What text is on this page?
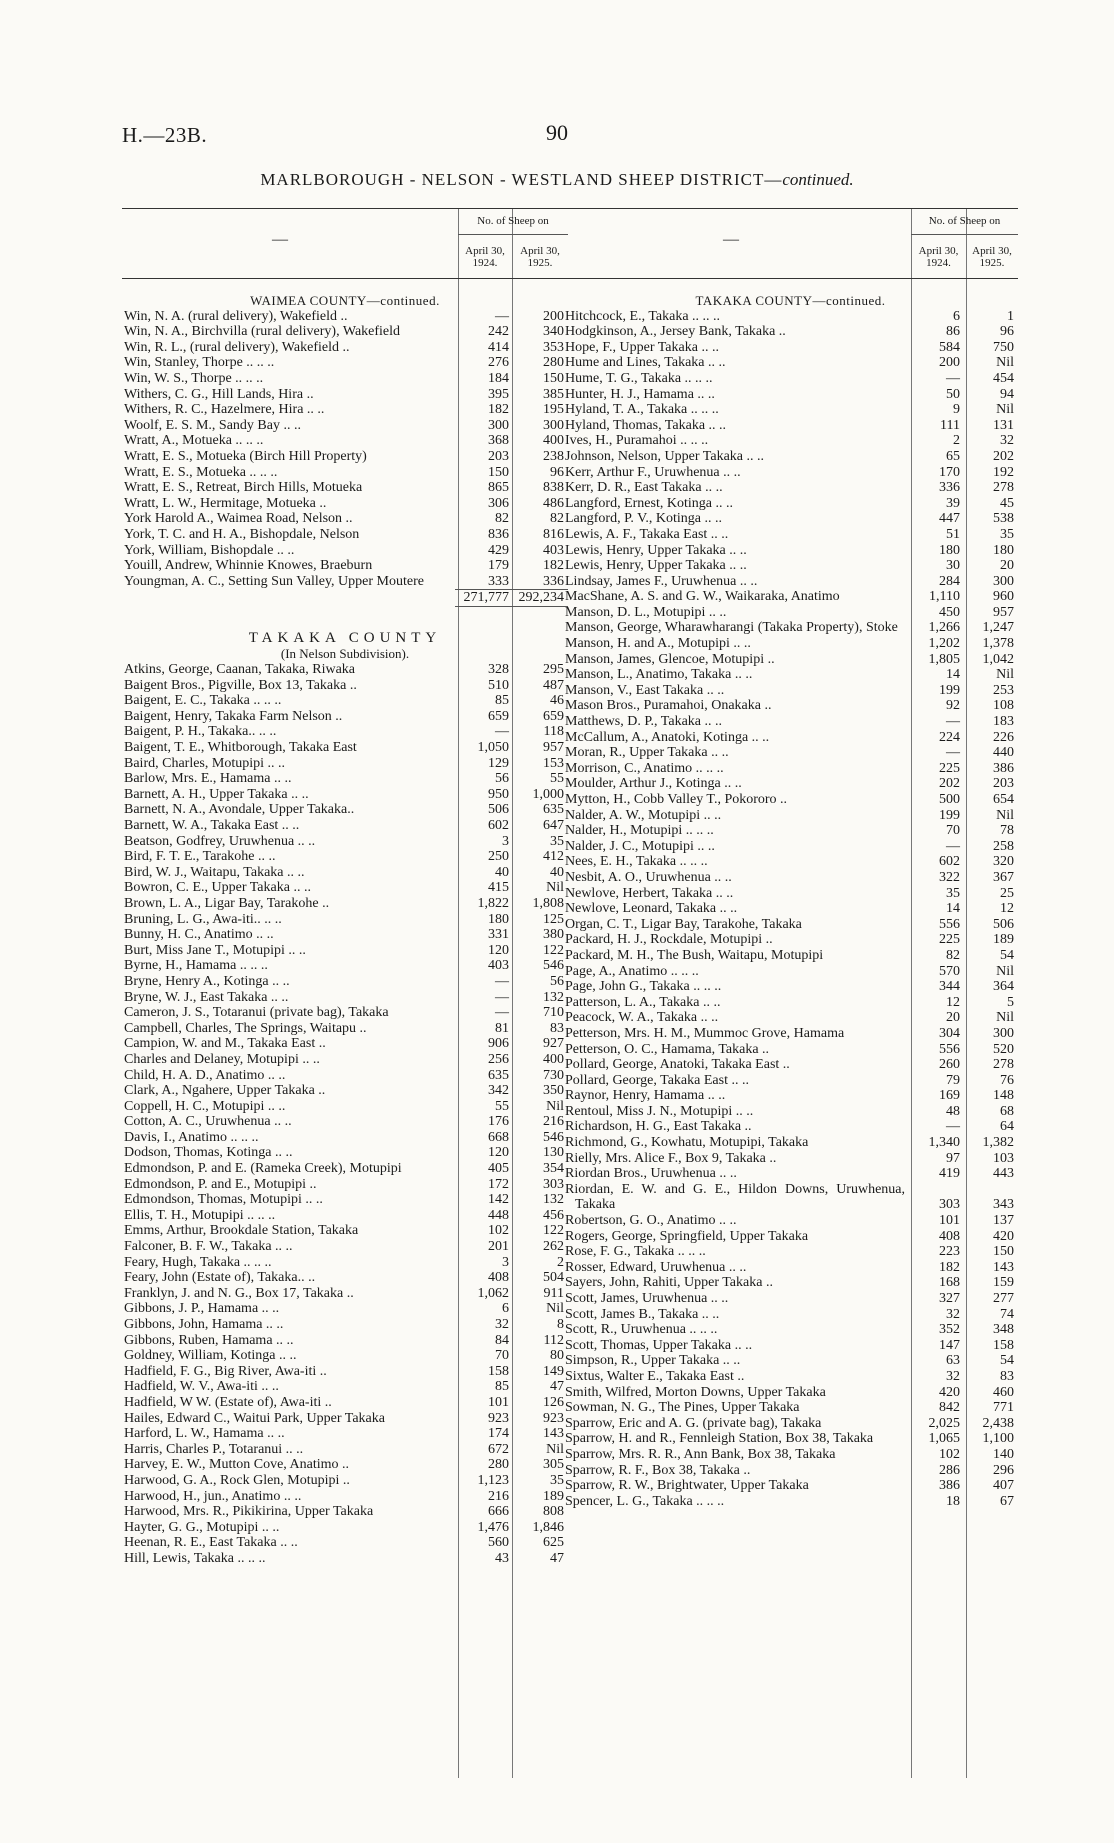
H.—23B.	90
MARLBOROUGH - NELSON - WESTLAND SHEEP DISTRICT—continued.
—
No. of Sheep on
April 30,
1924.
April 30,
1925.
WAIMEA COUNTY—continued.
Win, N. A. (rural delivery), Wakefield ..	—	200
Win, N. A., Birchvilla (rural delivery), Wakefield	242	340
Win, R. L., (rural delivery), Wakefield ..	414	353
Win, Stanley, Thorpe .. .. ..	276	280
Win, W. S., Thorpe .. .. ..	184	150
Withers, C. G., Hill Lands, Hira ..	395	385
Withers, R. C., Hazelmere, Hira .. ..	182	195
Woolf, E. S. M., Sandy Bay .. ..	300	300
Wratt, A., Motueka .. .. ..	368	400
Wratt, E. S., Motueka (Birch Hill Property)	203	238
Wratt, E. S., Motueka .. .. ..	150	96
Wratt, E. S., Retreat, Birch Hills, Motueka	865	838
Wratt, L. W., Hermitage, Motueka ..	306	486
York Harold A., Waimea Road, Nelson ..	82	82
York, T. C. and H. A., Bishopdale, Nelson	836	816
York, William, Bishopdale .. ..	429	403
Youill, Andrew, Whinnie Knowes, Braeburn	179	182
Youngman, A. C., Setting Sun Valley, Upper Moutere	333	336
271,777 292,234
TAKAKA COUNTY
(In Nelson Subdivision).
Atkins, George, Caanan, Takaka, Riwaka	328	295
Baigent Bros., Pigville, Box 13, Takaka ..	510	487
Baigent, E. C., Takaka .. .. ..	85	46
Baigent, Henry, Takaka Farm Nelson ..	659	659
Baigent, P. H., Takaka.. .. ..	—	118
Baigent, T. E., Whitborough, Takaka East	1,050	957
Baird, Charles, Motupipi .. ..	129	153
Barlow, Mrs. E., Hamama .. ..	56	55
Barnett, A. H., Upper Takaka .. ..	950	1,000
Barnett, N. A., Avondale, Upper Takaka..	506	635
Barnett, W. A., Takaka East .. ..	602	647
Beatson, Godfrey, Uruwhenua .. ..	3	35
Bird, F. T. E., Tarakohe .. ..	250	412
Bird, W. J., Waitapu, Takaka .. ..	40	40
Bowron, C. E., Upper Takaka .. ..	415	Nil
Brown, L. A., Ligar Bay, Tarakohe ..	1,822	1,808
Bruning, L. G., Awa-iti.. .. ..	180	125
Bunny, H. C., Anatimo .. ..	331	380
Burt, Miss Jane T., Motupipi .. ..	120	122
Byrne, H., Hamama .. .. ..	403	546
Bryne, Henry A., Kotinga .. ..	—	56
Bryne, W. J., East Takaka .. ..	—	132
Cameron, J. S., Totaranui (private bag), Takaka	—	710
Campbell, Charles, The Springs, Waitapu ..	81	83
Campion, W. and M., Takaka East ..	906	927
Charles and Delaney, Motupipi .. ..	256	400
Child, H. A. D., Anatimo .. ..	635	730
Clark, A., Ngahere, Upper Takaka ..	342	350
Coppell, H. C., Motupipi .. ..	55	Nil
Cotton, A. C., Uruwhenua .. ..	176	216
Davis, I., Anatimo .. .. ..	668	546
Dodson, Thomas, Kotinga .. ..	120	130
Edmondson, P. and E. (Rameka Creek), Motupipi	405	354
Edmondson, P. and E., Motupipi ..	172	303
Edmondson, Thomas, Motupipi .. ..	142	132
Ellis, T. H., Motupipi .. .. ..	448	456
Emms, Arthur, Brookdale Station, Takaka	102	122
Falconer, B. F. W., Takaka .. ..	201	262
Feary, Hugh, Takaka .. .. ..	3	2
Feary, John (Estate of), Takaka.. ..	408	504
Franklyn, J. and N. G., Box 17, Takaka ..	1,062	911
Gibbons, J. P., Hamama .. ..	6	Nil
Gibbons, John, Hamama .. ..	32	8
Gibbons, Ruben, Hamama .. ..	84	112
Goldney, William, Kotinga .. ..	70	80
Hadfield, F. G., Big River, Awa-iti ..	158	149
Hadfield, W. V., Awa-iti .. ..	85	47
Hadfield, W W. (Estate of), Awa-iti ..	101	126
Hailes, Edward C., Waitui Park, Upper Takaka	923	923
Harford, L. W., Hamama .. ..	174	143
Harris, Charles P., Totaranui .. ..	672	Nil
Harvey, E. W., Mutton Cove, Anatimo ..	280	305
Harwood, G. A., Rock Glen, Motupipi ..	1,123	35
Harwood, H., jun., Anatimo .. ..	216	189
Harwood, Mrs. R., Pikikirina, Upper Takaka	666	808
Hayter, G. G., Motupipi .. ..	1,476	1,846
Heenan, R. E., East Takaka .. ..	560	625
Hill, Lewis, Takaka .. .. ..	43	47
—
No. of Sheep on
April 30,
1924.
April 30,
1925.
TAKAKA COUNTY—continued.
Hitchcock, E., Takaka .. .. ..	6	1
Hodgkinson, A., Jersey Bank, Takaka ..	86	96
Hope, F., Upper Takaka .. ..	584	750
Hume and Lines, Takaka .. ..	200	Nil
Hume, T. G., Takaka .. .. ..	—	454
Hunter, H. J., Hamama .. ..	50	94
Hyland, T. A., Takaka .. .. ..	9	Nil
Hyland, Thomas, Takaka .. ..	111	131
Ives, H., Puramahoi .. .. ..	2	32
Johnson, Nelson, Upper Takaka .. ..	65	202
Kerr, Arthur F., Uruwhenua .. ..	170	192
Kerr, D. R., East Takaka .. ..	336	278
Langford, Ernest, Kotinga .. ..	39	45
Langford, P. V., Kotinga .. ..	447	538
Lewis, A. F., Takaka East .. ..	51	35
Lewis, Henry, Upper Takaka .. ..	180	180
Lewis, Henry, Upper Takaka .. ..	30	20
Lindsay, James F., Uruwhenua .. ..	284	300
MacShane, A. S. and G. W., Waikaraka, Anatimo	1,110	960
Manson, D. L., Motupipi .. ..	450	957
Manson, George, Wharawharangi (Takaka Property), Stoke	1,266	1,247
Manson, H. and A., Motupipi .. ..	1,202	1,378
Manson, James, Glencoe, Motupipi ..	1,805	1,042
Manson, L., Anatimo, Takaka .. ..	14	Nil
Manson, V., East Takaka .. ..	199	253
Mason Bros., Puramahoi, Onakaka ..	92	108
Matthews, D. P., Takaka .. ..	—	183
McCallum, A., Anatoki, Kotinga .. ..	224	226
Moran, R., Upper Takaka .. ..	—	440
Morrison, C., Anatimo .. .. ..	225	386
Moulder, Arthur J., Kotinga .. ..	202	203
Mytton, H., Cobb Valley T., Pokororo ..	500	654
Nalder, A. W., Motupipi .. ..	199	Nil
Nalder, H., Motupipi .. .. ..	70	78
Nalder, J. C., Motupipi .. ..	—	258
Nees, E. H., Takaka .. .. ..	602	320
Nesbit, A. O., Uruwhenua .. ..	322	367
Newlove, Herbert, Takaka .. ..	35	25
Newlove, Leonard, Takaka .. ..	14	12
Organ, C. T., Ligar Bay, Tarakohe, Takaka	556	506
Packard, H. J., Rockdale, Motupipi ..	225	189
Packard, M. H., The Bush, Waitapu, Motupipi	82	54
Page, A., Anatimo .. .. ..	570	Nil
Page, John G., Takaka .. .. ..	344	364
Patterson, L. A., Takaka .. ..	12	5
Peacock, W. A., Takaka .. ..	20	Nil
Petterson, Mrs. H. M., Mummoc Grove, Hamama	304	300
Petterson, O. C., Hamama, Takaka ..	556	520
Pollard, George, Anatoki, Takaka East ..	260	278
Pollard, George, Takaka East .. ..	79	76
Raynor, Henry, Hamama .. ..	169	148
Rentoul, Miss J. N., Motupipi .. ..	48	68
Richardson, H. G., East Takaka ..	—	64
Richmond, G., Kowhatu, Motupipi, Takaka	1,340	1,382
Rielly, Mrs. Alice F., Box 9, Takaka ..	97	103
Riordan Bros., Uruwhenua .. ..	419	443
Riordan, E. W. and G. E., Hildon Downs, Uruwhenua, Takaka	303	343
Robertson, G. O., Anatimo .. ..	101	137
Rogers, George, Springfield, Upper Takaka	408	420
Rose, F. G., Takaka .. .. ..	223	150
Rosser, Edward, Uruwhenua .. ..	182	143
Sayers, John, Rahiti, Upper Takaka ..	168	159
Scott, James, Uruwhenua .. ..	327	277
Scott, James B., Takaka .. ..	32	74
Scott, R., Uruwhenua .. .. ..	352	348
Scott, Thomas, Upper Takaka .. ..	147	158
Simpson, R., Upper Takaka .. ..	63	54
Sixtus, Walter E., Takaka East ..	32	83
Smith, Wilfred, Morton Downs, Upper Takaka	420	460
Sowman, N. G., The Pines, Upper Takaka	842	771
Sparrow, Eric and A. G. (private bag), Takaka	2,025	2,438
Sparrow, H. and R., Fennleigh Station, Box 38, Takaka	1,065	1,100
Sparrow, Mrs. R. R., Ann Bank, Box 38, Takaka	102	140
Sparrow, R. F., Box 38, Takaka ..	286	296
Sparrow, R. W., Brightwater, Upper Takaka	386	407
Spencer, L. G., Takaka .. .. ..	18	67
